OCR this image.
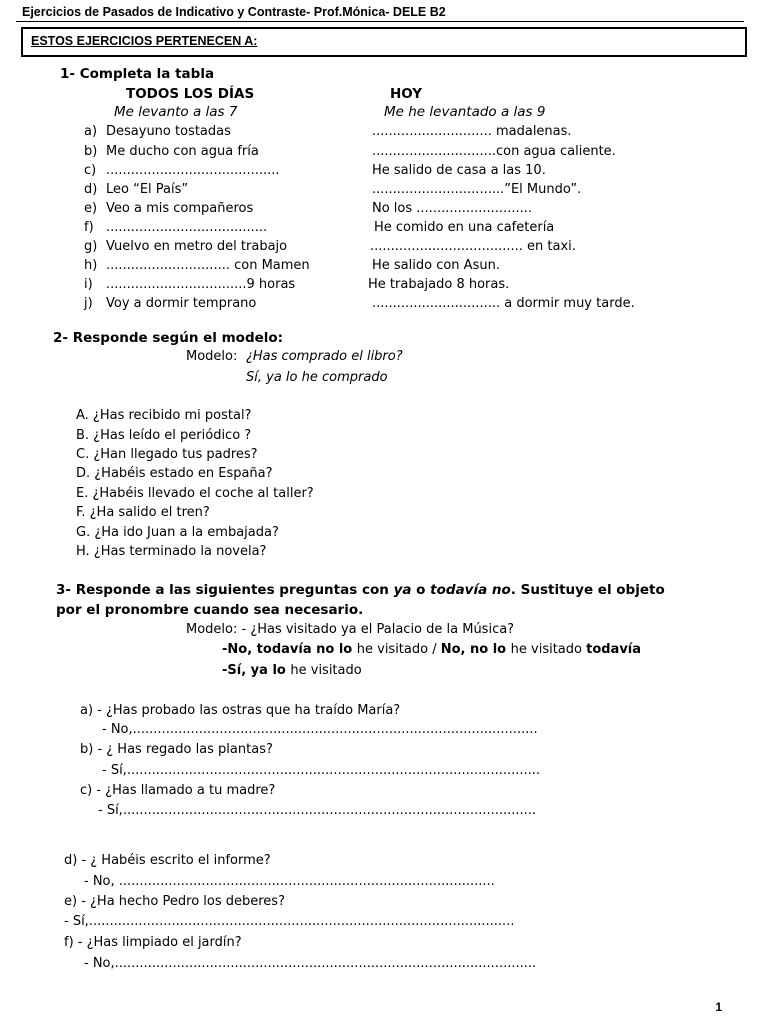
Ejercicios de Pasados de Indicativo y Contraste- Prof.Mónica- DELE B2
ESTOS EJERCICIOS PERTENECEN A:
1- Completa la tabla
TODOS LOS DÍAS	HOY
Me levanto a las 7	Me he levantado a las 9
a) Desayuno tostadas	............................. madalenas.
b) Me ducho con agua fría	..............................con agua caliente.
c) ..........................................	He salido de casa a las 10.
d) Leo “El País”	................................”El Mundo”.
e) Veo a mis compañeros	No los ............................
f) .......................................	He comido en una cafetería
g) Vuelvo en metro del trabajo	..................................... en taxi.
h) .............................. con Mamen	He salido con Asun.
i) ..................................9 horas	He trabajado 8 horas.
j) Voy a dormir temprano	............................... a dormir muy tarde.
2- Responde según el modelo:
Modelo: ¿Has comprado el libro?
Sí, ya lo he comprado
A. ¿Has recibido mi postal?
B. ¿Has leído el periódico ?
C. ¿Han llegado tus padres?
D. ¿Habéis estado en España?
E. ¿Habéis llevado el coche al taller?
F. ¿Ha salido el tren?
G. ¿Ha ido Juan a la embajada?
H. ¿Has terminado la novela?
3- Responde a las siguientes preguntas con ya o todavía no. Sustituye el objeto
por el pronombre cuando sea necesario.
Modelo: - ¿Has visitado ya el Palacio de la Música?
-No, todavía no lo he visitado / No, no lo he visitado todavía
-Sí, ya lo he visitado
a) - ¿Has probado las ostras que ha traído María?
- No,..................................................................................................
b) - ¿ Has regado las plantas?
- Sí,....................................................................................................
c) - ¿Has llamado a tu madre?
- Sí,....................................................................................................
d) - ¿ Habéis escrito el informe?
- No, ...........................................................................................
e) - ¿Ha hecho Pedro los deberes?
- Sí,.......................................................................................................
f) - ¿Has limpiado el jardín?
- No,......................................................................................................
1
